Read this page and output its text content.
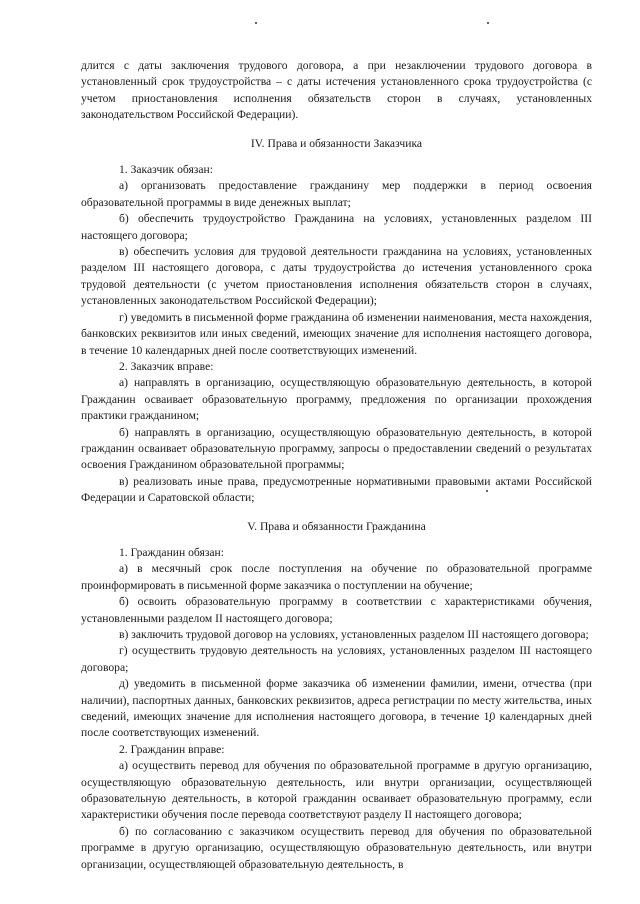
длится с даты заключения трудового договора, а при незаключении трудового договора в установленный срок трудоустройства – с даты истечения установленного срока трудоустройства (с учетом приостановления исполнения обязательств сторон в случаях, установленных законодательством Российской Федерации).

IV. Права и обязанности Заказчика

1. Заказчик обязан:

а) организовать предоставление гражданину мер поддержки в период освоения образовательной программы в виде денежных выплат;

б) обеспечить трудоустройство Гражданина на условиях, установленных разделом III настоящего договора;

в) обеспечить условия для трудовой деятельности гражданина на условиях, установленных разделом III настоящего договора, с даты трудоустройства до истечения установленного срока трудовой деятельности (с учетом приостановления исполнения обязательств сторон в случаях, установленных законодательством Российской Федерации);

г) уведомить в письменной форме гражданина об изменении наименования, места нахождения, банковских реквизитов или иных сведений, имеющих значение для исполнения настоящего договора, в течение 10 календарных дней после соответствующих изменений.

2. Заказчик вправе:

а) направлять в организацию, осуществляющую образовательную деятельность, в которой Гражданин осваивает образовательную программу, предложения по организации прохождения практики гражданином;

б) направлять в организацию, осуществляющую образовательную деятельность, в которой гражданин осваивает образовательную программу, запросы о предоставлении сведений о результатах освоения Гражданином образовательной программы;

в) реализовать иные права, предусмотренные нормативными правовыми актами Российской Федерации и Саратовской области;

V. Права и обязанности Гражданина

1. Гражданин обязан:

а) в месячный срок после поступления на обучение по образовательной программе проинформировать в письменной форме заказчика о поступлении на обучение;

б) освоить образовательную программу в соответствии с характеристиками обучения, установленными разделом II настоящего договора;

в) заключить трудовой договор на условиях, установленных разделом III настоящего договора;

г) осуществить трудовую деятельность на условиях, установленных разделом III настоящего договора;

д) уведомить в письменной форме заказчика об изменении фамилии, имени, отчества (при наличии), паспортных данных, банковских реквизитов, адреса регистрации по месту жительства, иных сведений, имеющих значение для исполнения настоящего договора, в течение 10 календарных дней после соответствующих изменений.

2. Гражданин вправе:

а) осуществить перевод для обучения по образовательной программе в другую организацию, осуществляющую образовательную деятельность, или внутри организации, осуществляющей образовательную деятельность, в которой гражданин осваивает образовательную программу, если характеристики обучения после перевода соответствуют разделу II настоящего договора;

б) по согласованию с заказчиком осуществить перевод для обучения по образовательной программе в другую организацию, осуществляющую образовательную деятельность, или внутри организации, осуществляющей образовательную деятельность, в
